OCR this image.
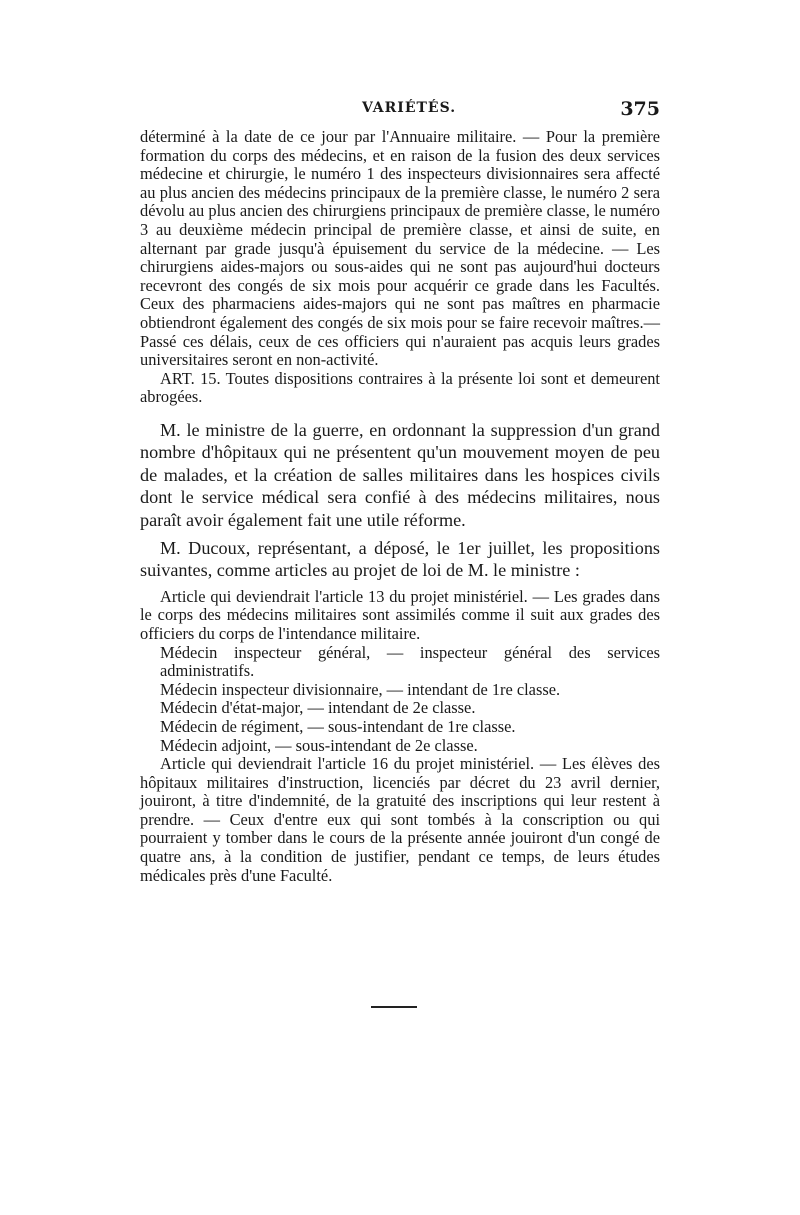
VARIÉTÉS.	375

déterminé à la date de ce jour par l'Annuaire militaire. — Pour la première formation du corps des médecins, et en raison de la fusion des deux services médecine et chirurgie, le numéro 1 des inspecteurs divisionnaires sera affecté au plus ancien des médecins principaux de la première classe, le numéro 2 sera dévolu au plus ancien des chirurgiens principaux de première classe, le numéro 3 au deuxième médecin principal de première classe, et ainsi de suite, en alternant par grade jusqu'à épuisement du service de la médecine. — Les chirurgiens aides-majors ou sous-aides qui ne sont pas aujourd'hui docteurs recevront des congés de six mois pour acquérir ce grade dans les Facultés. Ceux des pharmaciens aides-majors qui ne sont pas maîtres en pharmacie obtiendront également des congés de six mois pour se faire recevoir maîtres.— Passé ces délais, ceux de ces officiers qui n'auraient pas acquis leurs grades universitaires seront en non-activité.

ART. 15. Toutes dispositions contraires à la présente loi sont et demeurent abrogées.

M. le ministre de la guerre, en ordonnant la suppression d'un grand nombre d'hôpitaux qui ne présentent qu'un mouvement moyen de peu de malades, et la création de salles militaires dans les hospices civils dont le service médical sera confié à des médecins militaires, nous paraît avoir également fait une utile réforme.

M. Ducoux, représentant, a déposé, le 1er juillet, les propositions suivantes, comme articles au projet de loi de M. le ministre :

Article qui deviendrait l'article 13 du projet ministériel. — Les grades dans le corps des médecins militaires sont assimilés comme il suit aux grades des officiers du corps de l'intendance militaire.

Médecin inspecteur général, — inspecteur général des services administratifs.

Médecin inspecteur divisionnaire, — intendant de 1re classe.

Médecin d'état-major, — intendant de 2e classe.

Médecin de régiment, — sous-intendant de 1re classe.

Médecin adjoint, — sous-intendant de 2e classe.

Article qui deviendrait l'article 16 du projet ministériel. — Les élèves des hôpitaux militaires d'instruction, licenciés par décret du 23 avril dernier, jouiront, à titre d'indemnité, de la gratuité des inscriptions qui leur restent à prendre. — Ceux d'entre eux qui sont tombés à la conscription ou qui pourraient y tomber dans le cours de la présente année jouiront d'un congé de quatre ans, à la condition de justifier, pendant ce temps, de leurs études médicales près d'une Faculté.
